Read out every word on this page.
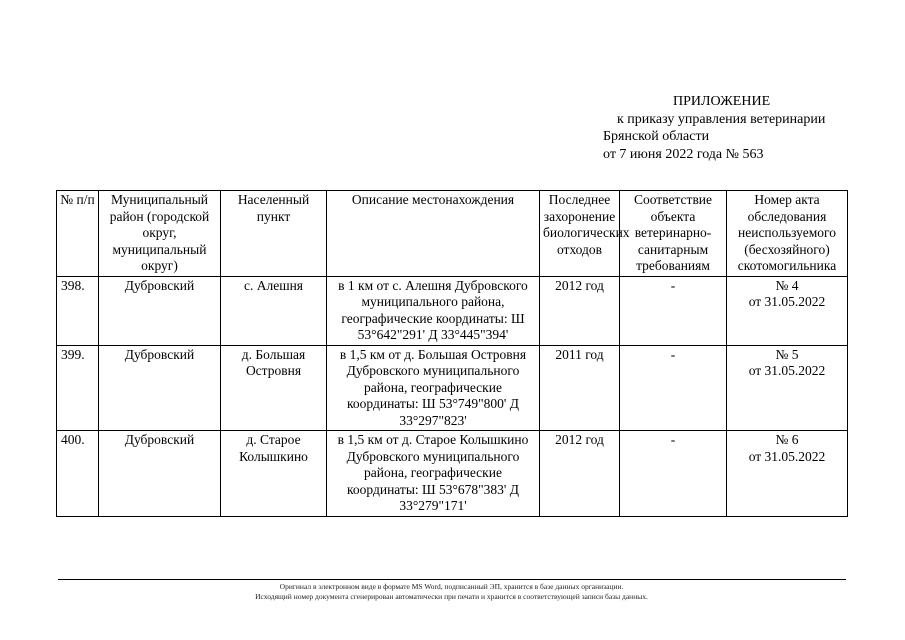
ПРИЛОЖЕНИЕ
к приказу управления ветеринарии
Брянской области
от 7 июня 2022 года № 563
№ п/п	Муниципальный район (городской округ, муниципальный округ)	Населенный пункт	Описание местонахождения	Последнее захоронение биологических отходов	Соответствие объекта ветеринарно-санитарным требованиям	Номер акта обследования неиспользуемого (бесхозяйного) скотомогильника
398.	Дубровский	с. Алешня	в 1 км от с. Алешня Дубровского муниципального района, географические координаты: Ш 53°642"291' Д 33°445"394'	2012 год	-	№ 4
от 31.05.2022

399.	Дубровский	д. Большая Островня	в 1,5 км от д. Большая Островня Дубровского муниципального района, географические координаты: Ш 53°749"800' Д 33°297"823'	2011 год	-	№ 5
от 31.05.2022

400.	Дубровский	д. Старое Колышкино	в 1,5 км от д. Старое Колышкино Дубровского муниципального района, географические координаты: Ш 53°678"383' Д 33°279"171'	2012 год	-	№ 6
от 31.05.2022
Оригинал в электронном виде в формате MS Word, подписанный ЭП, хранится в базе данных организации.
Исходящий номер документа сгенерирован автоматически при печати и хранится в соответствующей записи базы данных.
